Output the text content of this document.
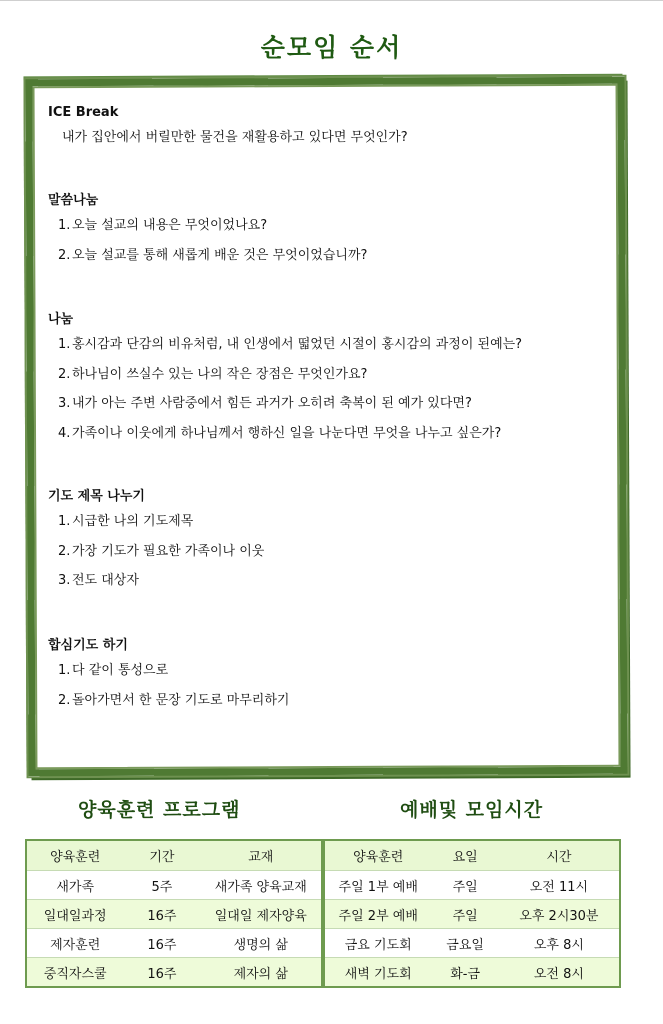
순모임 순서
ICE Break
내가 집안에서 버릴만한 물건을 재활용하고 있다면 무엇인가?
말씀나눔
1. 오늘 설교의 내용은 무엇이었나요?
2. 오늘 설교를 통해 새롭게 배운 것은 무엇이었습니까?
나눔
1. 홍시감과 단감의 비유처럼, 내 인생에서 떫었던 시절이 홍시감의 과정이 된예는?
2. 하나님이 쓰실수 있는 나의 작은 장점은 무엇인가요?
3. 내가 아는 주변 사람중에서 힘든 과거가 오히려 축복이 된 예가 있다면?
4. 가족이나 이웃에게 하나님께서 행하신 일을 나눈다면 무엇을 나누고 싶은가?
기도 제목 나누기
1. 시급한 나의 기도제목
2. 가장 기도가 필요한 가족이나 이웃
3. 전도 대상자
합심기도 하기
1. 다 같이 통성으로
2. 돌아가면서 한 문장 기도로 마무리하기
양육훈련 프로그램	예배및 모임시간
양육훈련	기간	교재
새가족	5주	새가족 양육교재
일대일과정	16주	일대일 제자양육
제자훈련	16주	생명의 삶
중직자스쿨	16주	제자의 삶
양육훈련	요일	시간
주일 1부 예배	주일	오전 11시
주일 2부 예배	주일	오후 2시30분
금요 기도회	금요일	오후 8시
새벽 기도회	화-금	오전 8시
